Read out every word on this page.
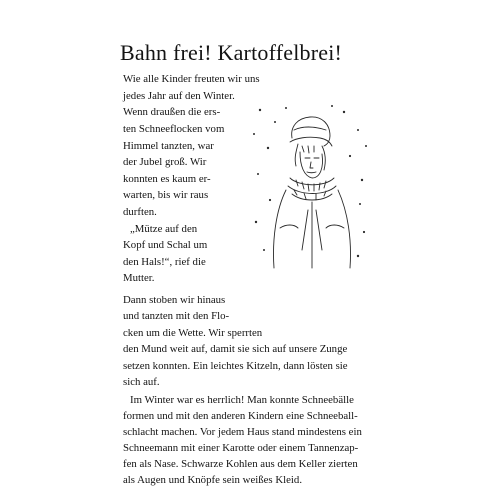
Bahn frei! Kartoffelbrei!
Wie alle Kinder freuten wir uns
jedes Jahr auf den Winter.
Wenn draußen die ers-
ten Schneeflocken vom
Himmel tanzten, war
der Jubel groß. Wir
konnten es kaum er-
warten, bis wir raus
durften.
„Mütze auf den
Kopf und Schal um
den Hals!“, rief die
Mutter.
Dann stoben wir hinaus
und tanzten mit den Flo-
cken um die Wette. Wir sperrten
den Mund weit auf, damit sie sich auf unsere Zunge
setzen konnten. Ein leichtes Kitzeln, dann lösten sie
sich auf.
Im Winter war es herrlich! Man konnte Schneebälle
formen und mit den anderen Kindern eine Schneeball-
schlacht machen. Vor jedem Haus stand mindestens ein
Schneemann mit einer Karotte oder einem Tannenzap-
fen als Nase. Schwarze Kohlen aus dem Keller zierten
als Augen und Knöpfe sein weißes Kleid.
